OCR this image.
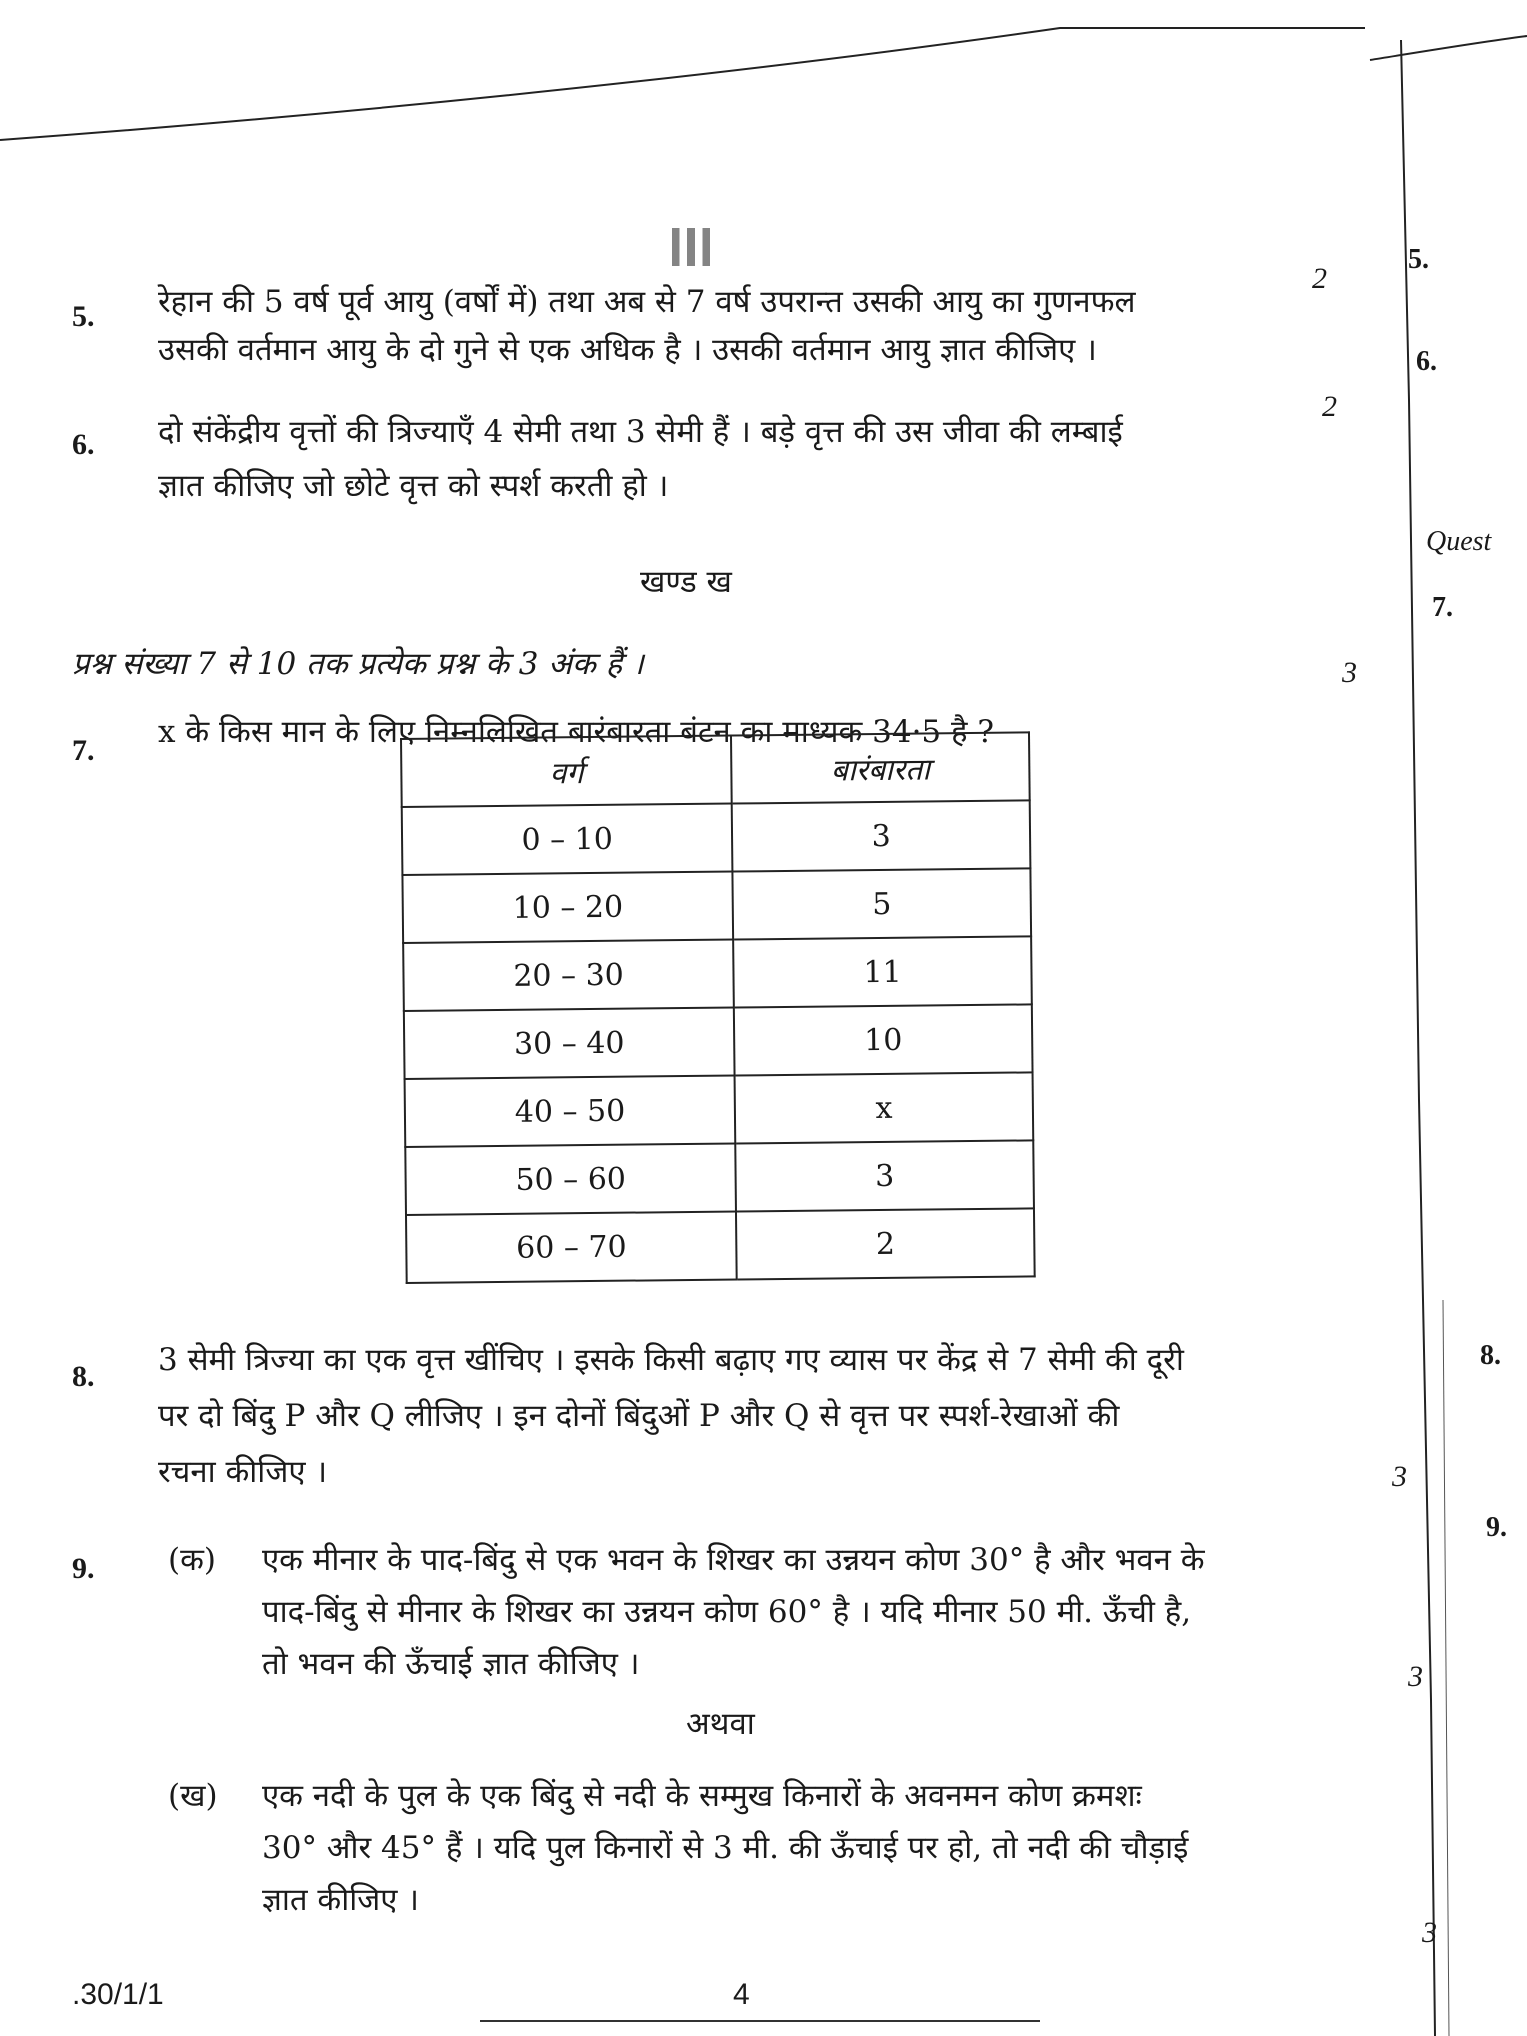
5. रेहान की 5 वर्ष पूर्व आयु (वर्षों में) तथा अब से 7 वर्ष उपरान्त उसकी आयु का गुणनफल
उसकी वर्तमान आयु के दो गुने से एक अधिक है । उसकी वर्तमान आयु ज्ञात कीजिए ।
2
6. दो संकेंद्रीय वृत्तों की त्रिज्याएँ 4 सेमी तथा 3 सेमी हैं । बड़े वृत्त की उस जीवा की लम्बाई
ज्ञात कीजिए जो छोटे वृत्त को स्पर्श करती हो ।
2
खण्ड ख
प्रश्न संख्या 7 से 10 तक प्रत्येक प्रश्न के 3 अंक हैं ।	3
7.
x के किस मान के लिए निम्नलिखित बारंबारता बंटन का माध्यक 34·5 है ?
वर्ग	बारंबारता
0 – 10	3
10 – 20	5
20 – 30	11
30 – 40	10
40 – 50	x
50 – 60	3
60 – 70	2
8. 3 सेमी त्रिज्या का एक वृत्त खींचिए । इसके किसी बढ़ाए गए व्यास पर केंद्र से 7 सेमी की दूरी
पर दो बिंदु P और Q लीजिए । इन दोनों बिंदुओं P और Q से वृत्त पर स्पर्श-रेखाओं की
रचना कीजिए ।	3
9. (क) एक मीनार के पाद-बिंदु से एक भवन के शिखर का उन्नयन कोण 30° है और भवन के
पाद-बिंदु से मीनार के शिखर का उन्नयन कोण 60° है । यदि मीनार 50 मी. ऊँची है,
तो भवन की ऊँचाई ज्ञात कीजिए ।	3
अथवा
(ख) एक नदी के पुल के एक बिंदु से नदी के सम्मुख किनारों के अवनमन कोण क्रमशः
30° और 45° हैं । यदि पुल किनारों से 3 मी. की ऊँचाई पर हो, तो नदी की चौड़ाई
ज्ञात कीजिए ।
3
.30/1/1	4
5.
6.
Quest
7.
8.
9.
